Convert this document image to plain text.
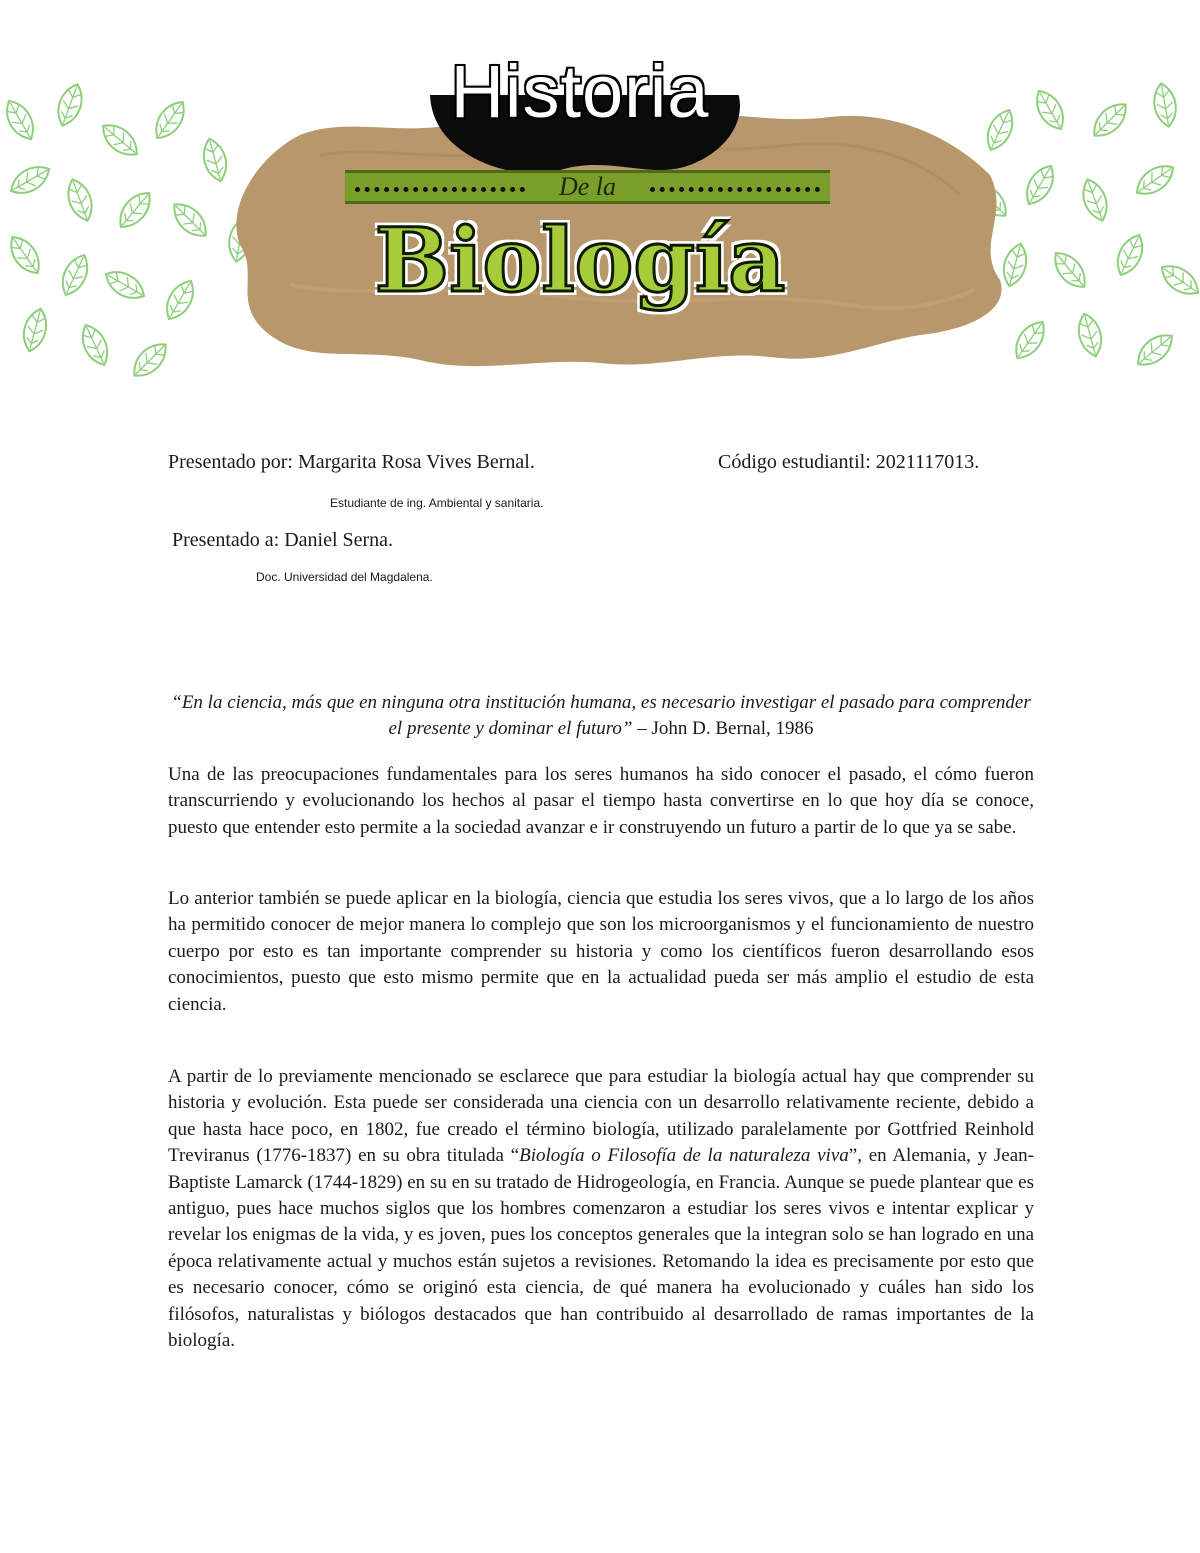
Historia
De la
Biología
Presentado por: Margarita Rosa Vives Bernal.	Código estudiantil: 2021117013.
Estudiante de ing. Ambiental y sanitaria.
Presentado a: Daniel Serna.
Doc. Universidad del Magdalena.
“En la ciencia, más que en ninguna otra institución humana, es necesario investigar el pasado para comprender el presente y dominar el futuro” – John D. Bernal, 1986

Una de las preocupaciones fundamentales para los seres humanos ha sido conocer el pasado, el cómo fueron transcurriendo y evolucionando los hechos al pasar el tiempo hasta convertirse en lo que hoy día se conoce, puesto que entender esto permite a la sociedad avanzar e ir construyendo un futuro a partir de lo que ya se sabe.

Lo anterior también se puede aplicar en la biología, ciencia que estudia los seres vivos, que a lo largo de los años ha permitido conocer de mejor manera lo complejo que son los microorganismos y el funcionamiento de nuestro cuerpo por esto es tan importante comprender su historia y como los científicos fueron desarrollando esos conocimientos, puesto que esto mismo permite que en la actualidad pueda ser más amplio el estudio de esta ciencia.

A partir de lo previamente mencionado se esclarece que para estudiar la biología actual hay que comprender su historia y evolución. Esta puede ser considerada una ciencia con un desarrollo relativamente reciente, debido a que hasta hace poco, en 1802, fue creado el término biología, utilizado paralelamente por Gottfried Reinhold Treviranus (1776-1837) en su obra titulada “Biología o Filosofía de la naturaleza viva”, en Alemania, y Jean-Baptiste Lamarck (1744-1829) en su en su tratado de Hidrogeología, en Francia. Aunque se puede plantear que es antiguo, pues hace muchos siglos que los hombres comenzaron a estudiar los seres vivos e intentar explicar y revelar los enigmas de la vida, y es joven, pues los conceptos generales que la integran solo se han logrado en una época relativamente actual y muchos están sujetos a revisiones. Retomando la idea es precisamente por esto que es necesario conocer, cómo se originó esta ciencia, de qué manera ha evolucionado y cuáles han sido los filósofos, naturalistas y biólogos destacados que han contribuido al desarrollado de ramas importantes de la biología.
